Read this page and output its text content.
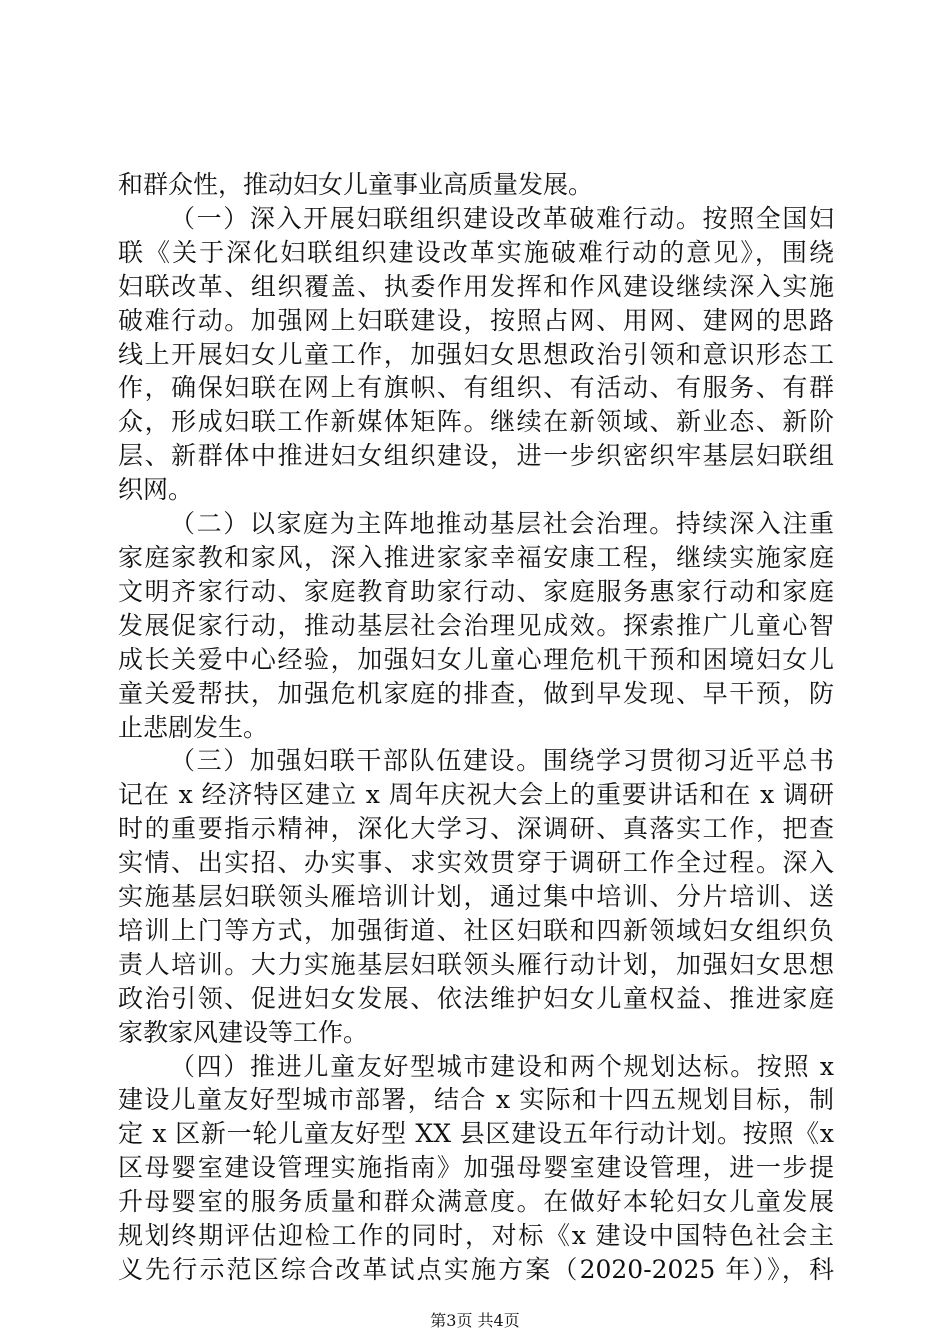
和群众性，推动妇女儿童事业高质量发展。
（一）深入开展妇联组织建设改革破难行动。按照全国妇
联《关于深化妇联组织建设改革实施破难行动的意见》，围绕
妇联改革、组织覆盖、执委作用发挥和作风建设继续深入实施
破难行动。加强网上妇联建设，按照占网、用网、建网的思路
线上开展妇女儿童工作，加强妇女思想政治引领和意识形态工
作，确保妇联在网上有旗帜、有组织、有活动、有服务、有群
众，形成妇联工作新媒体矩阵。继续在新领域、新业态、新阶
层、新群体中推进妇女组织建设，进一步织密织牢基层妇联组
织网。
（二）以家庭为主阵地推动基层社会治理。持续深入注重
家庭家教和家风，深入推进家家幸福安康工程，继续实施家庭
文明齐家行动、家庭教育助家行动、家庭服务惠家行动和家庭
发展促家行动，推动基层社会治理见成效。探索推广儿童心智
成长关爱中心经验，加强妇女儿童心理危机干预和困境妇女儿
童关爱帮扶，加强危机家庭的排查，做到早发现、早干预，防
止悲剧发生。
（三）加强妇联干部队伍建设。围绕学习贯彻习近平总书
记在 x 经济特区建立 x 周年庆祝大会上的重要讲话和在 x 调研
时的重要指示精神，深化大学习、深调研、真落实工作，把查
实情、出实招、办实事、求实效贯穿于调研工作全过程。深入
实施基层妇联领头雁培训计划，通过集中培训、分片培训、送
培训上门等方式，加强街道、社区妇联和四新领域妇女组织负
责人培训。大力实施基层妇联领头雁行动计划，加强妇女思想
政治引领、促进妇女发展、依法维护妇女儿童权益、推进家庭
家教家风建设等工作。
（四）推进儿童友好型城市建设和两个规划达标。按照 x
建设儿童友好型城市部署，结合 x 实际和十四五规划目标，制
定 x 区新一轮儿童友好型 XX 县区建设五年行动计划。按照《x
区母婴室建设管理实施指南》加强母婴室建设管理，进一步提
升母婴室的服务质量和群众满意度。在做好本轮妇女儿童发展
规划终期评估迎检工作的同时，对标《x 建设中国特色社会主
义先行示范区综合改革试点实施方案（2020-2025 年）》，科
第3页 共4页
